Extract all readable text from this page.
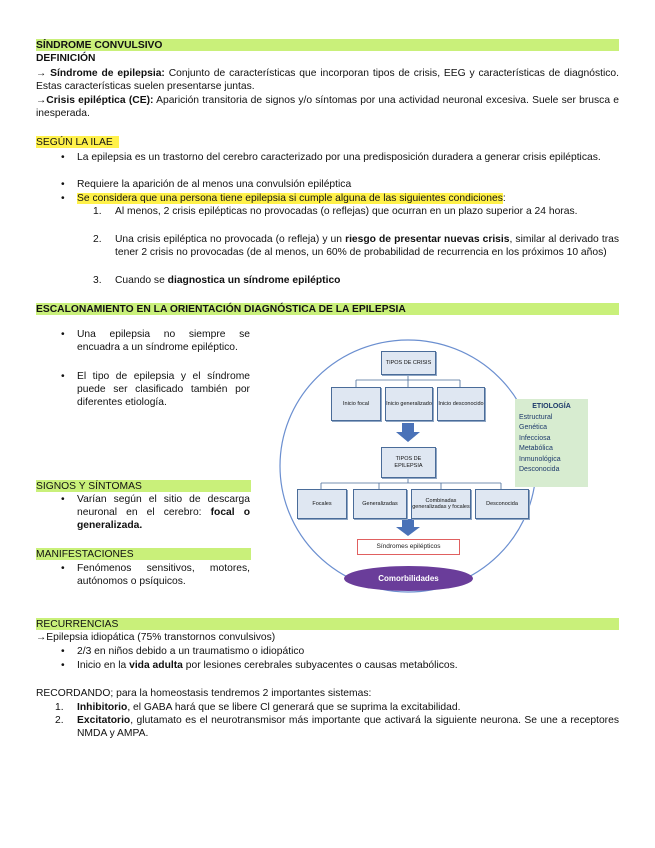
SÍNDROME CONVULSIVO
DEFINICIÓN
→ Síndrome de epilepsia: Conjunto de características que incorporan tipos de crisis, EEG y características de diagnóstico. Estas características suelen presentarse juntas.
→Crisis epiléptica (CE): Aparición transitoria de signos y/o síntomas por una actividad neuronal excesiva. Suele ser brusca e inesperada.
SEGÚN LA ILAE
• La epilepsia es un trastorno del cerebro caracterizado por una predisposición duradera a generar crisis epilépticas.
• Requiere la aparición de al menos una convulsión epiléptica
• Se considera que una persona tiene epilepsia si cumple alguna de las siguientes condiciones:
1. Al menos, 2 crisis epilépticas no provocadas (o reflejas) que ocurran en un plazo superior a 24 horas.
2. Una crisis epiléptica no provocada (o refleja) y un riesgo de presentar nuevas crisis, similar al derivado tras tener 2 crisis no provocadas (de al menos, un 60% de probabilidad de recurrencia en los próximos 10 años)
3. Cuando se diagnostica un síndrome epiléptico
ESCALONAMIENTO EN LA ORIENTACIÓN DIAGNÓSTICA DE LA EPILEPSIA
• Una epilepsia no siempre se encuadra a un síndrome epiléptico.
• El tipo de epilepsia y el síndrome puede ser clasificado también por diferentes etiología.
SIGNOS Y SÍNTOMAS
• Varían según el sitio de descarga neuronal en el cerebro: focal o generalizada.
MANIFESTACIONES
• Fenómenos sensitivos, motores, autónomos o psíquicos.
TIPOS DE CRISIS
Inicio focal	Inicio generalizado Inicio desconocido
TIPOS DE EPILEPSIA
Focales	Generalizadas
Combinadas generalizadas y focales
Desconocida
Síndromes epilépticos
Comorbilidades
ETIOLOGÍA
Estructural
Genética
Infecciosa
Metabólica
Inmunológica
Desconocida
RECURRENCIAS
→Epilepsia idiopática (75% transtornos convulsivos)
• 2/3 en niños debido a un traumatismo o idiopático
• Inicio en la vida adulta por lesiones cerebrales subyacentes o causas metabólicos.
RECORDANDO; para la homeostasis tendremos 2 importantes sistemas:
1. Inhibitorio, el GABA hará que se libere Cl generará que se suprima la excitabilidad.
2. Excitatorio, glutamato es el neurotransmisor más importante que activará la siguiente neurona. Se une a receptores NMDA y AMPA.
